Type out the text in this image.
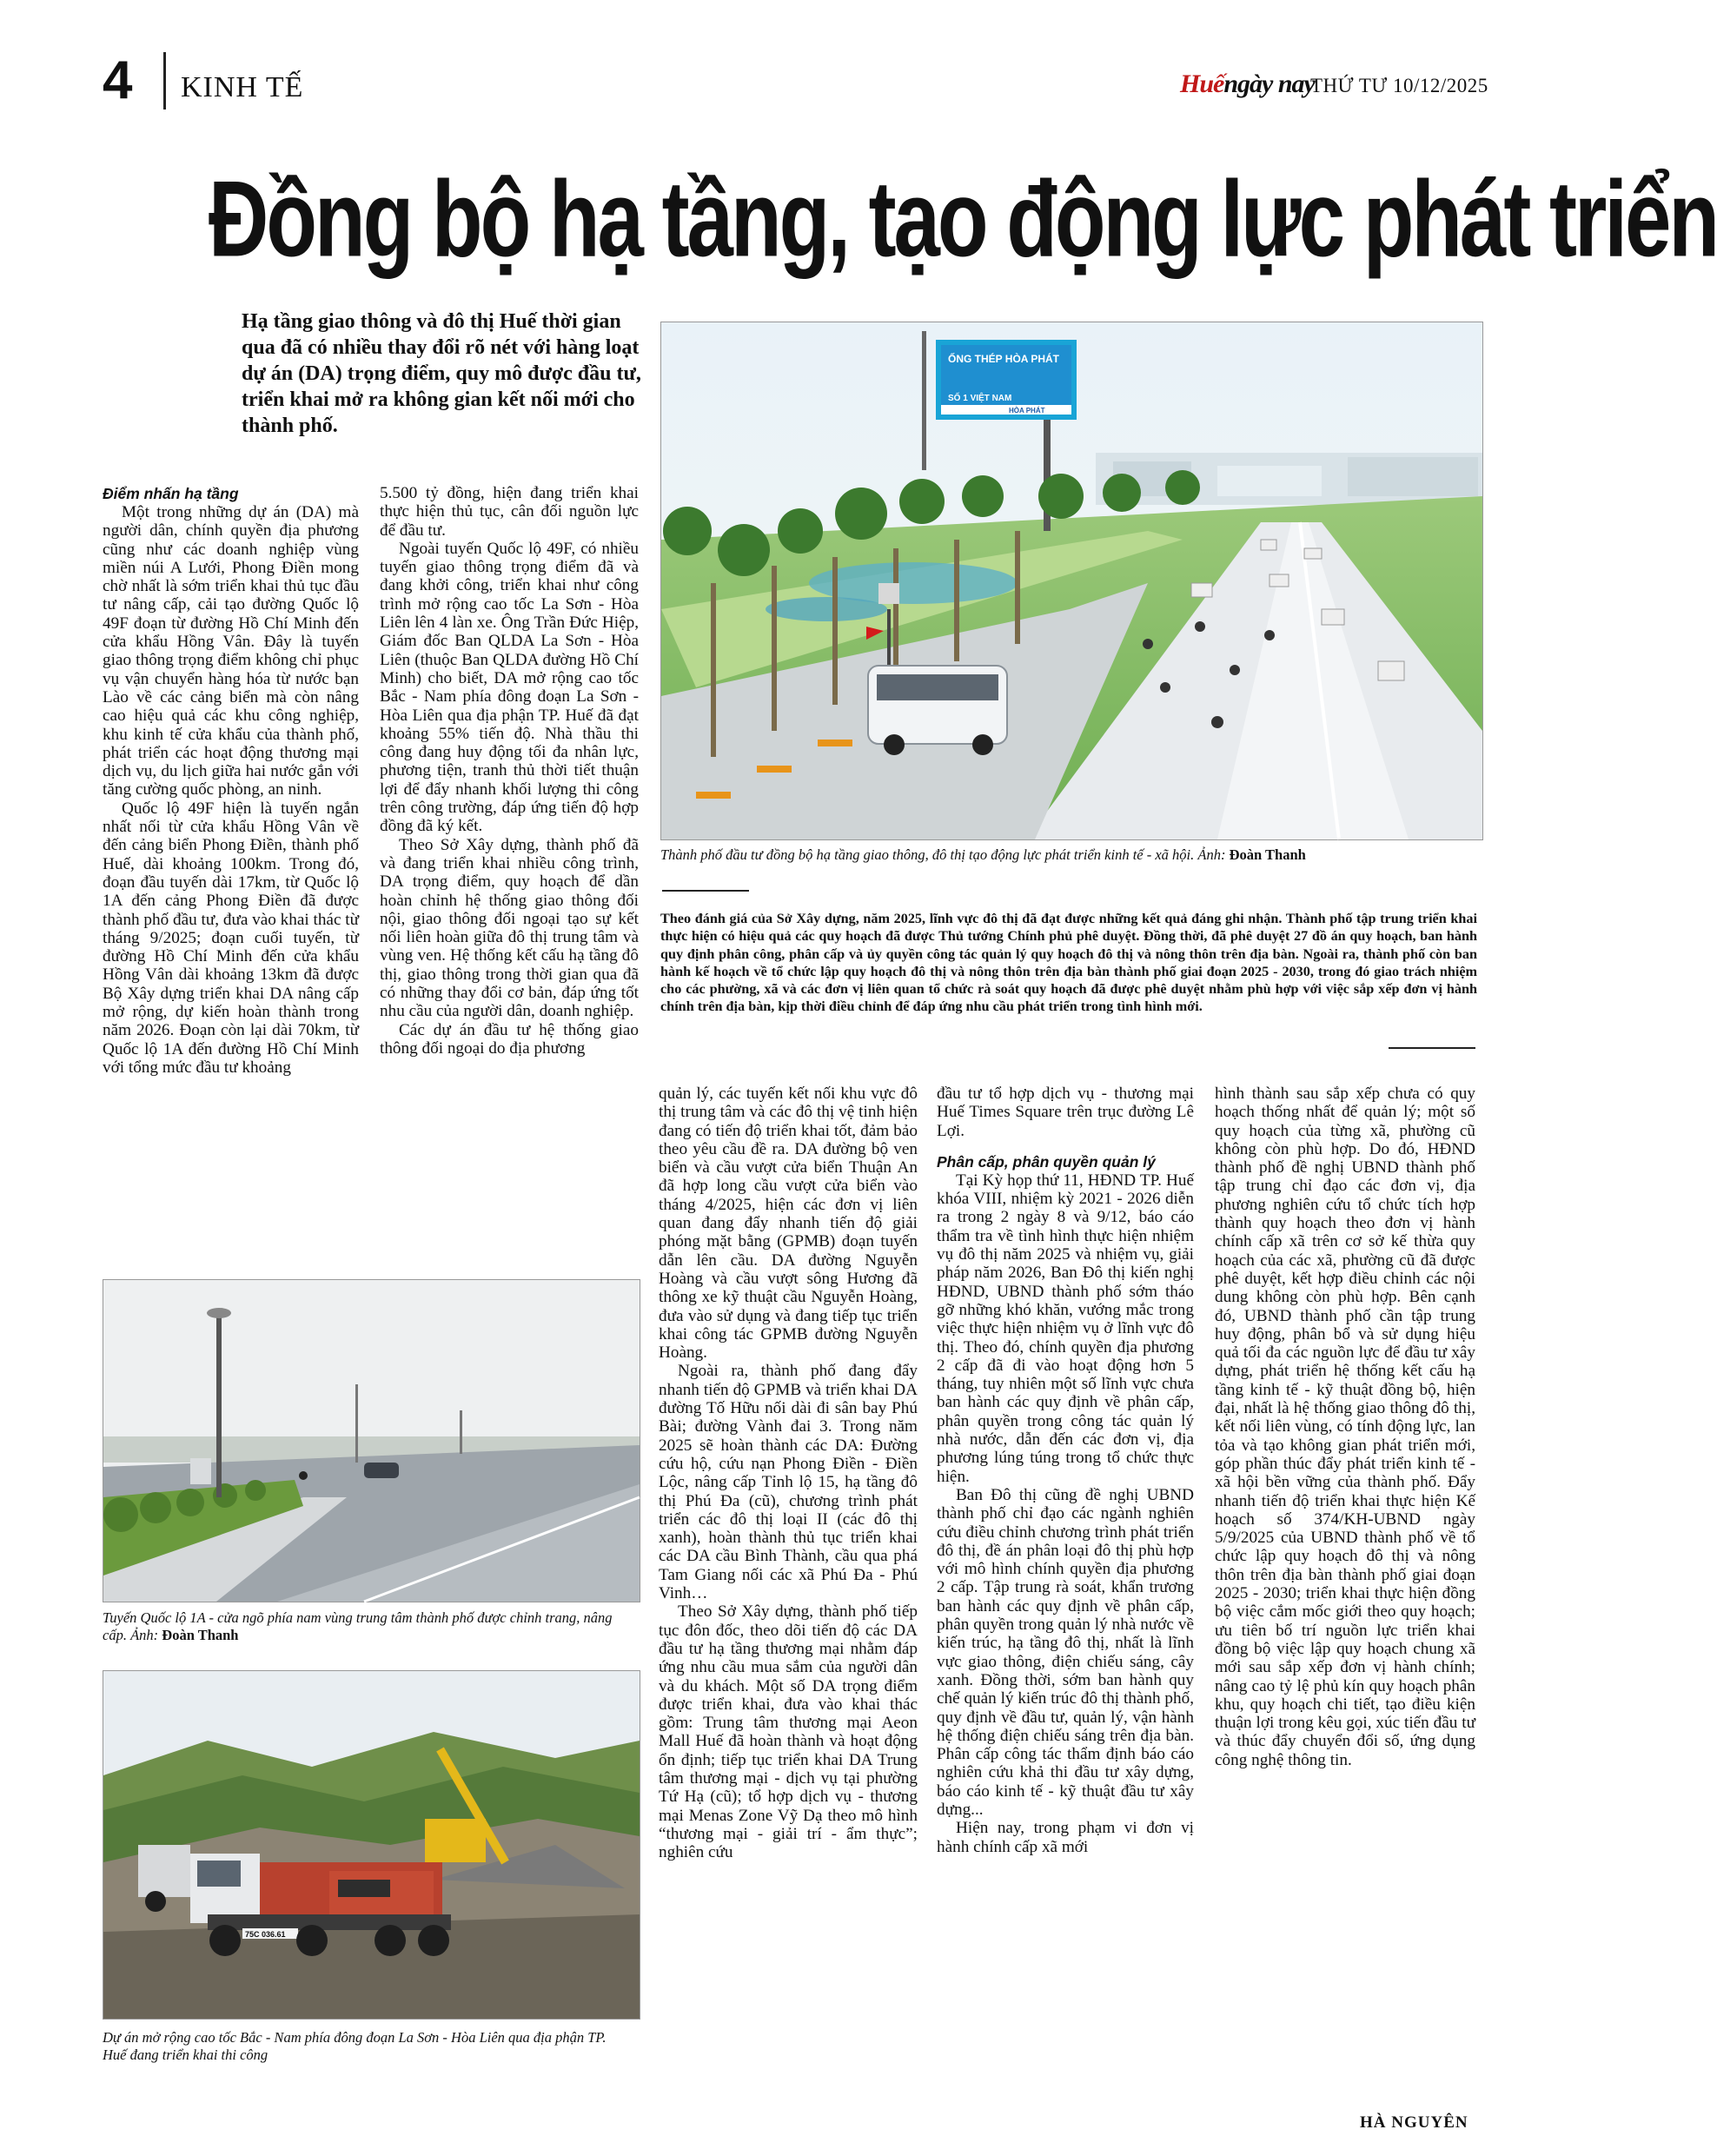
4 KINH TẾ	Huếngày nay
THỨ TƯ 10/12/2025
Đồng bộ hạ tầng, tạo động lực phát triển
Hạ tầng giao thông và đô thị Huế thời gian qua đã có nhiều thay đổi rõ nét với hàng loạt dự án (DA) trọng điểm, quy mô được đầu tư, triển khai mở ra không gian kết nối mới cho thành phố.
ỐNG THÉP HÒA PHÁT
SỐ 1 VIỆT NAM
HÒA PHÁT
Thành phố đầu tư đồng bộ hạ tầng giao thông, đô thị tạo động lực phát triển kinh tế - xã hội. Ảnh: Đoàn Thanh
Theo đánh giá của Sở Xây dựng, năm 2025, lĩnh vực đô thị đã đạt được những kết quả đáng ghi nhận. Thành phố tập trung triển khai thực hiện có hiệu quả các quy hoạch đã được Thủ tướng Chính phủ phê duyệt. Đồng thời, đã phê duyệt 27 đồ án quy hoạch, ban hành quy định phân công, phân cấp và ủy quyền công tác quản lý quy hoạch đô thị và nông thôn trên địa bàn. Ngoài ra, thành phố còn ban hành kế hoạch về tổ chức lập quy hoạch đô thị và nông thôn trên địa bàn thành phố giai đoạn 2025 - 2030, trong đó giao trách nhiệm cho các phường, xã và các đơn vị liên quan tổ chức rà soát quy hoạch đã được phê duyệt nhằm phù hợp với việc sắp xếp đơn vị hành chính trên địa bàn, kịp thời điều chỉnh để đáp ứng nhu cầu phát triển trong tình hình mới.
Điểm nhấn hạ tầng

Một trong những dự án (DA) mà người dân, chính quyền địa phương cũng như các doanh nghiệp vùng miền núi A Lưới, Phong Điền mong chờ nhất là sớm triển khai thủ tục đầu tư nâng cấp, cải tạo đường Quốc lộ 49F đoạn từ đường Hồ Chí Minh đến cửa khẩu Hồng Vân. Đây là tuyến giao thông trọng điểm không chỉ phục vụ vận chuyển hàng hóa từ nước bạn Lào về các cảng biển mà còn nâng cao hiệu quả các khu công nghiệp, khu kinh tế cửa khẩu của thành phố, phát triển các hoạt động thương mại dịch vụ, du lịch giữa hai nước gắn với tăng cường quốc phòng, an ninh.

Quốc lộ 49F hiện là tuyến ngắn nhất nối từ cửa khẩu Hồng Vân về đến cảng biển Phong Điền, thành phố Huế, dài khoảng 100km. Trong đó, đoạn đầu tuyến dài 17km, từ Quốc lộ 1A đến cảng Phong Điền đã được thành phố đầu tư, đưa vào khai thác từ tháng 9/2025; đoạn cuối tuyến, từ đường Hồ Chí Minh đến cửa khẩu Hồng Vân dài khoảng 13km đã được Bộ Xây dựng triển khai DA nâng cấp mở rộng, dự kiến hoàn thành trong năm 2026. Đoạn còn lại dài 70km, từ Quốc lộ 1A đến đường Hồ Chí Minh với tổng mức đầu tư khoảng

5.500 tỷ đồng, hiện đang triển khai thực hiện thủ tục, cân đối nguồn lực để đầu tư.

Ngoài tuyến Quốc lộ 49F, có nhiều tuyến giao thông trọng điểm đã và đang khởi công, triển khai như công trình mở rộng cao tốc La Sơn - Hòa Liên lên 4 làn xe. Ông Trần Đức Hiệp, Giám đốc Ban QLDA La Sơn - Hòa Liên (thuộc Ban QLDA đường Hồ Chí Minh) cho biết, DA mở rộng cao tốc Bắc - Nam phía đông đoạn La Sơn - Hòa Liên qua địa phận TP. Huế đã đạt khoảng 55% tiến độ. Nhà thầu thi công đang huy động tối đa nhân lực, phương tiện, tranh thủ thời tiết thuận lợi để đẩy nhanh khối lượng thi công trên công trường, đáp ứng tiến độ hợp đồng đã ký kết.

Theo Sở Xây dựng, thành phố đã và đang triển khai nhiều công trình, DA trọng điểm, quy hoạch để dần hoàn chỉnh hệ thống giao thông đối nội, giao thông đối ngoại tạo sự kết nối liên hoàn giữa đô thị trung tâm và vùng ven. Hệ thống kết cấu hạ tầng đô thị, giao thông trong thời gian qua đã có những thay đổi cơ bản, đáp ứng tốt nhu cầu của người dân, doanh nghiệp.

Các dự án đầu tư hệ thống giao thông đối ngoại do địa phương

Tuyến Quốc lộ 1A - cửa ngõ phía nam vùng trung tâm thành phố được chỉnh trang, nâng cấp. Ảnh: Đoàn Thanh
75C 036.61
Dự án mở rộng cao tốc Bắc - Nam phía đông đoạn La Sơn - Hòa Liên qua địa phận TP. Huế đang triển khai thi công

quản lý, các tuyến kết nối khu vực đô thị trung tâm và các đô thị vệ tinh hiện đang có tiến độ triển khai tốt, đảm bảo theo yêu cầu đề ra. DA đường bộ ven biển và cầu vượt cửa biển Thuận An đã hợp long cầu vượt cửa biển vào tháng 4/2025, hiện các đơn vị liên quan đang đẩy nhanh tiến độ giải phóng mặt bằng (GPMB) đoạn tuyến dẫn lên cầu. DA đường Nguyễn Hoàng và cầu vượt sông Hương đã thông xe kỹ thuật cầu Nguyễn Hoàng, đưa vào sử dụng và đang tiếp tục triển khai công tác GPMB đường Nguyễn Hoàng.

Ngoài ra, thành phố đang đẩy nhanh tiến độ GPMB và triển khai DA đường Tố Hữu nối dài đi sân bay Phú Bài; đường Vành đai 3. Trong năm 2025 sẽ hoàn thành các DA: Đường cứu hộ, cứu nạn Phong Điền - Điền Lộc, nâng cấp Tỉnh lộ 15, hạ tầng đô thị Phú Đa (cũ), chương trình phát triển các đô thị loại II (các đô thị xanh), hoàn thành thủ tục triển khai các DA cầu Bình Thành, cầu qua phá Tam Giang nối các xã Phú Đa - Phú Vinh…

Theo Sở Xây dựng, thành phố tiếp tục đôn đốc, theo dõi tiến độ các DA đầu tư hạ tầng thương mại nhằm đáp ứng nhu cầu mua sắm của người dân và du khách. Một số DA trọng điểm được triển khai, đưa vào khai thác gồm: Trung tâm thương mại Aeon Mall Huế đã hoàn thành và hoạt động ổn định; tiếp tục triển khai DA Trung tâm thương mại - dịch vụ tại phường Tứ Hạ (cũ); tổ hợp dịch vụ - thương mại Menas Zone Vỹ Dạ theo mô hình “thương mại - giải trí - ẩm thực”; nghiên cứu

đầu tư tổ hợp dịch vụ - thương mại Huế Times Square trên trục đường Lê Lợi.

Phân cấp, phân quyền quản lý

Tại Kỳ họp thứ 11, HĐND TP. Huế khóa VIII, nhiệm kỳ 2021 - 2026 diễn ra trong 2 ngày 8 và 9/12, báo cáo thẩm tra về tình hình thực hiện nhiệm vụ đô thị năm 2025 và nhiệm vụ, giải pháp năm 2026, Ban Đô thị kiến nghị HĐND, UBND thành phố sớm tháo gỡ những khó khăn, vướng mắc trong việc thực hiện nhiệm vụ ở lĩnh vực đô thị. Theo đó, chính quyền địa phương 2 cấp đã đi vào hoạt động hơn 5 tháng, tuy nhiên một số lĩnh vực chưa ban hành các quy định về phân cấp, phân quyền trong công tác quản lý nhà nước, dẫn đến các đơn vị, địa phương lúng túng trong tổ chức thực hiện.

Ban Đô thị cũng đề nghị UBND thành phố chỉ đạo các ngành nghiên cứu điều chỉnh chương trình phát triển đô thị, đề án phân loại đô thị phù hợp với mô hình chính quyền địa phương 2 cấp. Tập trung rà soát, khẩn trương ban hành các quy định về phân cấp, phân quyền trong quản lý nhà nước về kiến trúc, hạ tầng đô thị, nhất là lĩnh vực giao thông, điện chiếu sáng, cây xanh. Đồng thời, sớm ban hành quy chế quản lý kiến trúc đô thị thành phố, quy định về đầu tư, quản lý, vận hành hệ thống điện chiếu sáng trên địa bàn. Phân cấp công tác thẩm định báo cáo nghiên cứu khả thi đầu tư xây dựng, báo cáo kinh tế - kỹ thuật đầu tư xây dựng...

Hiện nay, trong phạm vi đơn vị hành chính cấp xã mới

hình thành sau sắp xếp chưa có quy hoạch thống nhất để quản lý; một số quy hoạch của từng xã, phường cũ không còn phù hợp. Do đó, HĐND thành phố đề nghị UBND thành phố tập trung chỉ đạo các đơn vị, địa phương nghiên cứu tổ chức tích hợp thành quy hoạch theo đơn vị hành chính cấp xã trên cơ sở kế thừa quy hoạch của các xã, phường cũ đã được phê duyệt, kết hợp điều chỉnh các nội dung không còn phù hợp. Bên cạnh đó, UBND thành phố cần tập trung huy động, phân bổ và sử dụng hiệu quả tối đa các nguồn lực để đầu tư xây dựng, phát triển hệ thống kết cấu hạ tầng kinh tế - kỹ thuật đồng bộ, hiện đại, nhất là hệ thống giao thông đô thị, kết nối liên vùng, có tính động lực, lan tỏa và tạo không gian phát triển mới, góp phần thúc đẩy phát triển kinh tế - xã hội bền vững của thành phố. Đẩy nhanh tiến độ triển khai thực hiện Kế hoạch số 374/KH-UBND ngày 5/9/2025 của UBND thành phố về tổ chức lập quy hoạch đô thị và nông thôn trên địa bàn thành phố giai đoạn 2025 - 2030; triển khai thực hiện đồng bộ việc cắm mốc giới theo quy hoạch; ưu tiên bố trí nguồn lực triển khai đồng bộ việc lập quy hoạch chung xã mới sau sắp xếp đơn vị hành chính; nâng cao tỷ lệ phủ kín quy hoạch phân khu, quy hoạch chi tiết, tạo điều kiện thuận lợi trong kêu gọi, xúc tiến đầu tư và thúc đẩy chuyển đổi số, ứng dụng công nghệ thông tin.

HÀ NGUYÊN
